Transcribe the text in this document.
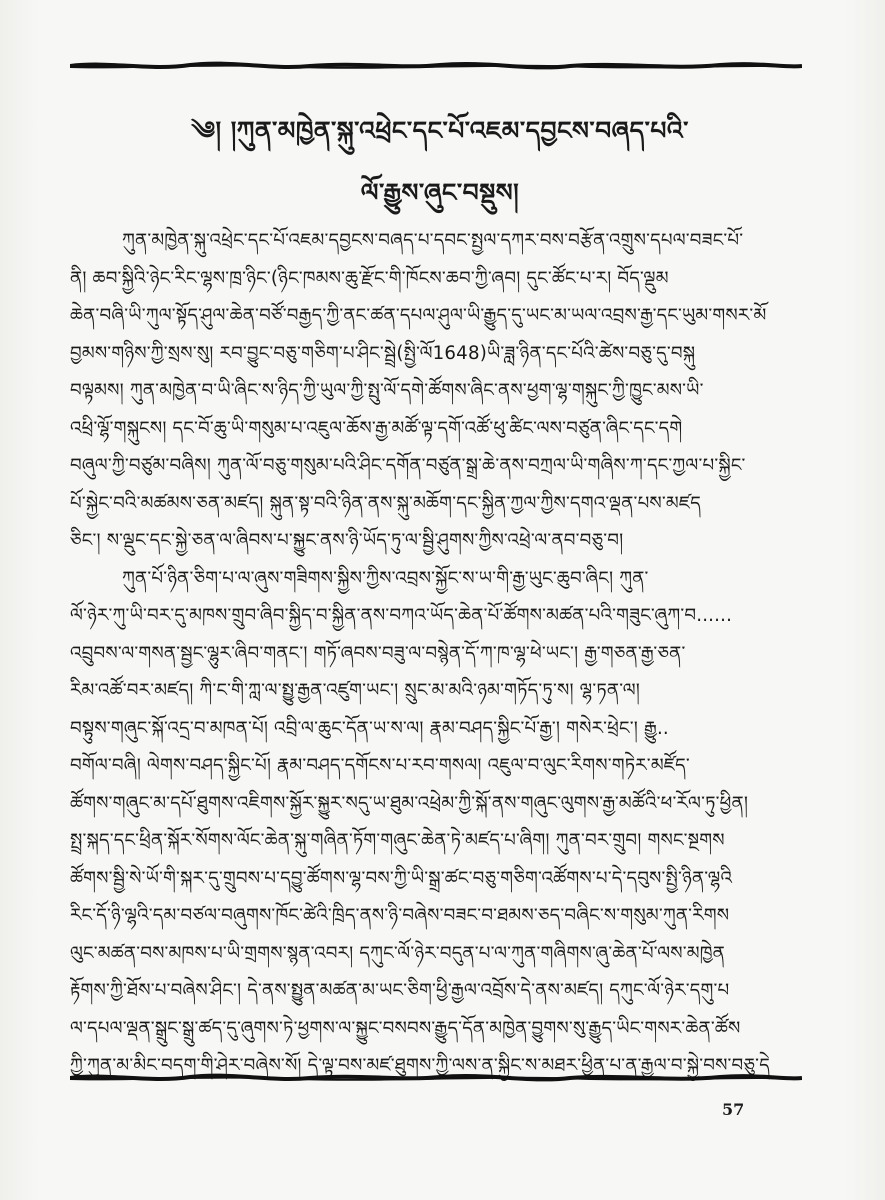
༄། །ཀུན་མཁྱེན་སྐུ་འཕྲེང་དང་པོ་འཇམ་དབྱངས་བཞད་པའི་
ལོ་རྒྱུས་ཞུང་བསྡུས།
ཀུན་མཁྱེན་སྐུ་འཕྲེང་དང་པོ་འཇམ་དབྱངས་བཞད་པ་དབང་སྤྱལ་དཀར་བས་བརྩོན་འགྲུས་དཔལ་བཟང་པོ་
ནི། ཆབ་སྐྱིའི་ཉེང་རིང་ལྷས་ཁྲ་ཉིང་(ཉིང་ཁམས་ཆུ་རྫོང་གི་ཁོངས་ཆབ་ཀྱི་ཞབ། དུང་ཚོང་པ་ར། བོད་ལྡུམ
ཆེན་བཞི་ཡི་ཀུལ་སྟོད་ཤུལ་ཆེན་བཙོ་བརྒྱད་ཀྱི་ནང་ཚན་དཔལ་ཤུལ་ཡི་རྒྱུད་དུ་ཡང་མ་ཡལ་འབྲས་རྒྱ་དང་ཡུམ་གསར་མོ
བྱམས་གཉིས་ཀྱི་སྲས་སུ། རབ་བྱུང་བཅུ་གཅིག་པ་ཤིང་སྦྲེ(སྤྱི་ལོ1648)ཡི་ཟླ་ཉིན་དང་པོའི་ཚེས་བཅུ་དུ་བསྐུ
བལྟམས། ཀུན་མཁྱེན་བ་ཡི་ཞིང་ས་ཉིད་ཀྱི་ཡུལ་ཀྱི་སྤུ་ལོ་དགེ་ཚོགས་ཞིང་ནས་ཕྱག་ལྷ་གསྐུང་ཀྱི་ཁྱུང་མས་ཡི་
འཕྲི་ལྷོ་གསྐུངས། དང་བོ་ཆུ་ཡི་གསུམ་པ་འཇུལ་ཆོས་རྒྱ་མཚོ་ལྟ་དགོ་འཚོ་ཕུ་ཚིང་ལས་བཙུན་ཞིང་དང་དགེ
བཞུལ་ཀྱི་བཙུམ་བཞིས། ཀུན་ལོ་བཅུ་གསུམ་པའི་ཤིང་དགོན་བཙུན་སྒྲ་ཆེ་ནས་བཀྲལ་ཡི་གཞིས་ཀ་དང་ཀྱལ་པ་སྐྱིང་
པོ་སྐྱེང་བའི་མཚམས་ཅན་མཛད། སྐུན་སྟ་བའི་ཉིན་ནས་སྐུ་མཆོག་དང་སྐྱིན་ཀྱལ་ཀྱིས་དགའ་ལྡན་པས་མཛད
ཅིང་། ས་ལྡུང་དང་སྐྱེ་ཅན་ལ་ཞིབས་པ་སྐྱུང་ནས་ཉི་ཡོད་ཏུ་ལ་སྦྱི་ཤུགས་ཀྱིས་འཕྲེ་ལ་ནབ་བཅུ་བ།
ཀུན་པོ་ཉིན་ཅིག་པ་ལ་ཞུས་གཟིགས་སྐྱིས་ཀྱིས་འབྲས་སྐྱོང་ས་ཡ་གི་རྒྱ་ཡུང་ཆུབ་ཞིང། ཀུན་
ལོ་ཉེར་ཀུ་ཡི་བར་དུ་མཁས་གྲུབ་ཞིབ་སྐྱིད་བ་སྐྱིན་ནས་བཀའ་ཡོད་ཆེན་པོ་ཚོགས་མཚན་པའི་གཟུང་ཞུཀ་བ......
འབྲུབས་ལ་གསན་སྦྱང་ལྷུར་ཞིབ་གནང་། གཏོ་ཞབས་བཟུ་ལ་བསྙེན་དོ་ཀ་ཁ་ལྷ་ཕེ་ཡང་། རྒྱ་གཅན་རྒྱ་ཅན་
རིམ་འཚོ་བར་མཛད། ཀི་ང་གི་ཀླ་ལ་སྤྱུ་རྒྱན་འཛུག་ཡང་། སྲུང་མ་མའི་ཉམ་གཏོད་ཏུ་ས། ལྷ་ཏན་ལ།
བསྟུས་གཞུང་སྐོ་འདྲ་བ་མཁན་པོ། འབྲི་ལ་ཆུང་དོན་ཡ་ས་ལ། རྣམ་བཤད་སྐྱིང་པོ་རྒྱ་། གསེར་ཕྲེང་། རྒྱུ..
བགོལ་བཞི། ལེགས་བཤད་སྐྱིང་པོ། རྣམ་བཤད་དགོངས་པ་རབ་གསལ། འཇུལ་བ་ལུང་རིགས་གཏེར་མཛོད་
ཚོགས་གཞུང་མ་དཔོ་ཐུགས་འཇིགས་སྐྱོར་སྐྱུར་སདུ་ཡ་ཐུམ་འཕྲེམ་ཀྱི་སྐོ་ནས་གཞུང་ལུགས་རྒྱ་མཚོའི་ཕ་རོལ་ཏུ་ཕྱིན།
སྤྲ་སྐད་དང་ཕྲིན་སྐོར་སོགས་ལོང་ཆེན་སྐུ་གཞིན་ཏོག་གཞུང་ཆེན་ཏེ་མཛད་པ་ཞིག། ཀུན་བར་གྲུབ། གསང་སྔགས
ཚོགས་སྦྱི་སེ་ཡོ་གི་སྐར་དུ་གྲུབས་པ་དབྱུ་ཚོགས་ལྷ་བས་ཀྱི་ཡི་སྒྲ་ཚང་བཅུ་གཅིག་འཚོགས་པ་དེ་དབུས་སྤྱི་ཉིན་ལྷའི
རིང་དོ་ཉི་ལྷའི་དམ་བཙལ་བཞུགས་ཁོང་ཚེའི་ཁྲིད་ནས་ཉི་བཞེས་བཟང་བ་ཐམས་ཅད་བཞིང་ས་གསུམ་ཀུན་རིགས
ལུང་མཚན་བས་མཁས་པ་ཡི་གྲགས་སྙན་འབར། དཀུང་ལོ་ཉེར་བདུན་པ་ལ་ཀུན་གཞིགས་ཞུ་ཆེན་པོ་ལས་མཁྱེན
རྟོགས་ཀྱི་ཐོས་པ་བཞེས་ཤིང་། དེ་ནས་སྤྱུན་མཚན་མ་ཡང་ཅིག་ཕྱི་རྒྱལ་འབྲོས་དེ་ནས་མཛད། དཀུང་ལོ་ཉེར་དགུ་པ
ལ་དཔལ་ལྡན་སྒྲུང་སྒྲུ་ཚད་དུ་ཞུགས་ཏེ་ཕྱགས་ལ་སྐྱུང་བསབས་རྒྱུད་དོན་མཁྱེན་བྱུགས་སུ་རྒྱུད་ཡིང་གསར་ཆེན་ཚོས
ཀྱི་ཀུན་མ་མིང་བདག་གི་ཤེར་བཞེས་སོ། དེ་ལྟ་བས་མཛ་ཐུགས་ཀྱི་ལས་ན་སྐྱིང་ས་མཐར་ཕྱིན་པ་ན་རྒྱལ་བ་སྐྱེ་བས་བཅུ་དེ
57
